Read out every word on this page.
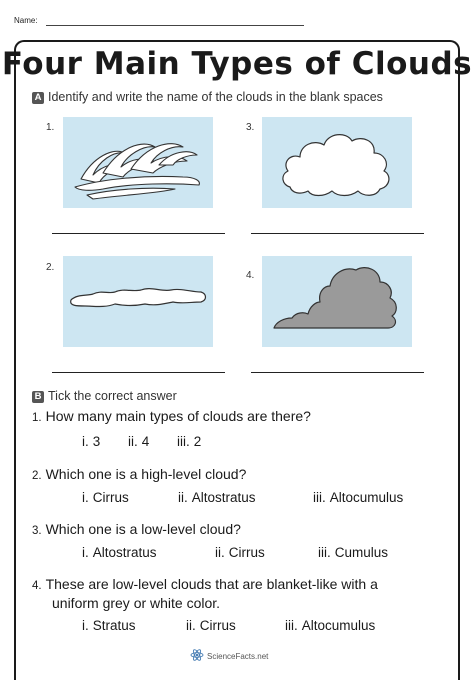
Name:
Four Main Types of Clouds
A Identify and write the name of the clouds in the blank spaces
1.	3.
2.
4.
B Tick the correct answer
1. How many main types of clouds are there?
i. 3 ii. 4 iii. 2
2. Which one is a high-level cloud?
i. Cirrus	ii. Altostratus	iii. Altocumulus
3. Which one is a low-level cloud?
i. Altostratus	ii. Cirrus	iii. Cumulus
4. These are low-level clouds that are blanket-like with a
uniform grey or white color.
i. Stratus	ii. Cirrus	iii. Altocumulus
ScienceFacts.net
